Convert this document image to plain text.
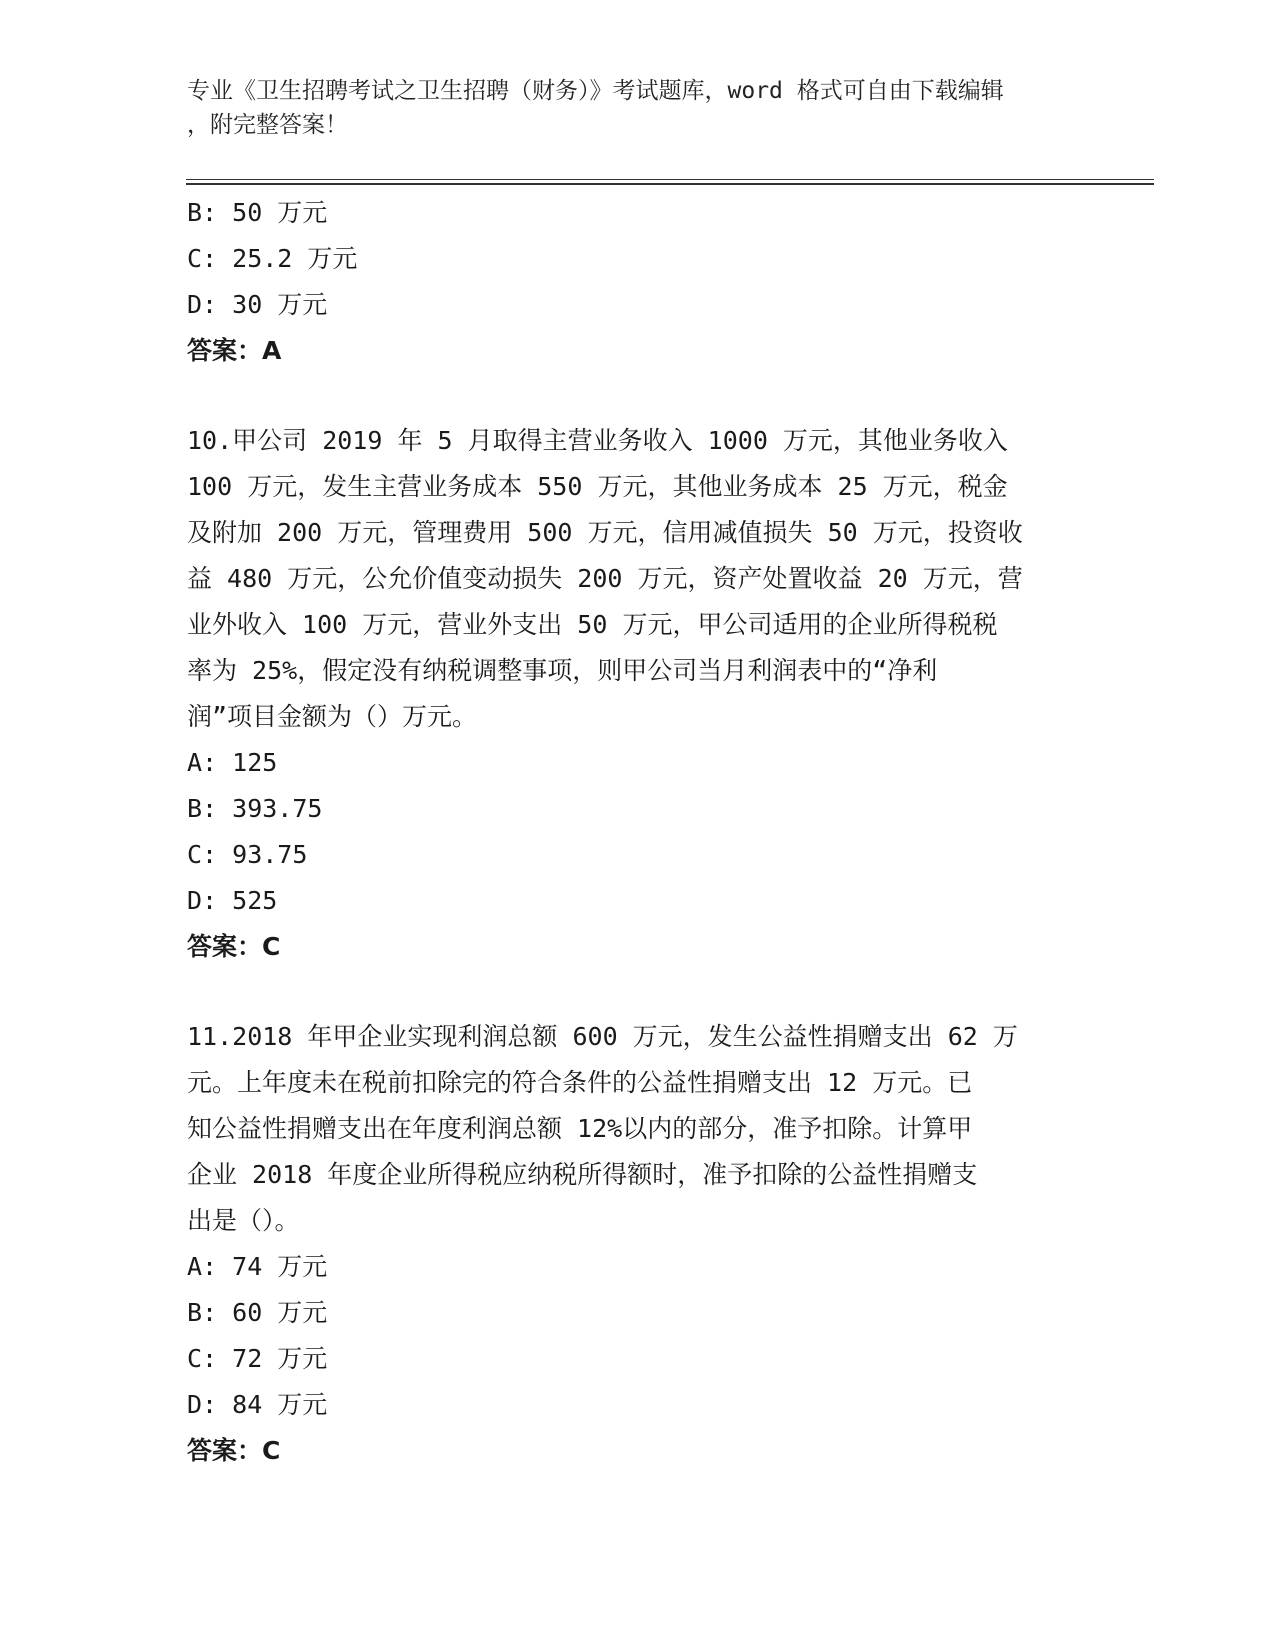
专业《卫生招聘考试之卫生招聘（财务）》考试题库，word 格式可自由下载编辑
，附完整答案！
B: 50 万元
C: 25.2 万元
D: 30 万元
答案：A
10.甲公司 2019 年 5 月取得主营业务收入 1000 万元，其他业务收入
100 万元，发生主营业务成本 550 万元，其他业务成本 25 万元，税金
及附加 200 万元，管理费用 500 万元，信用减值损失 50 万元，投资收
益 480 万元，公允价值变动损失 200 万元，资产处置收益 20 万元，营
业外收入 100 万元，营业外支出 50 万元，甲公司适用的企业所得税税
率为 25%，假定没有纳税调整事项，则甲公司当月利润表中的“净利
润”项目金额为（）万元。
A: 125
B: 393.75
C: 93.75
D: 525
答案：C
11.2018 年甲企业实现利润总额 600 万元，发生公益性捐赠支出 62 万
元。上年度未在税前扣除完的符合条件的公益性捐赠支出 12 万元。已
知公益性捐赠支出在年度利润总额 12%以内的部分，准予扣除。计算甲
企业 2018 年度企业所得税应纳税所得额时，准予扣除的公益性捐赠支
出是（）。
A: 74 万元
B: 60 万元
C: 72 万元
D: 84 万元
答案：C
